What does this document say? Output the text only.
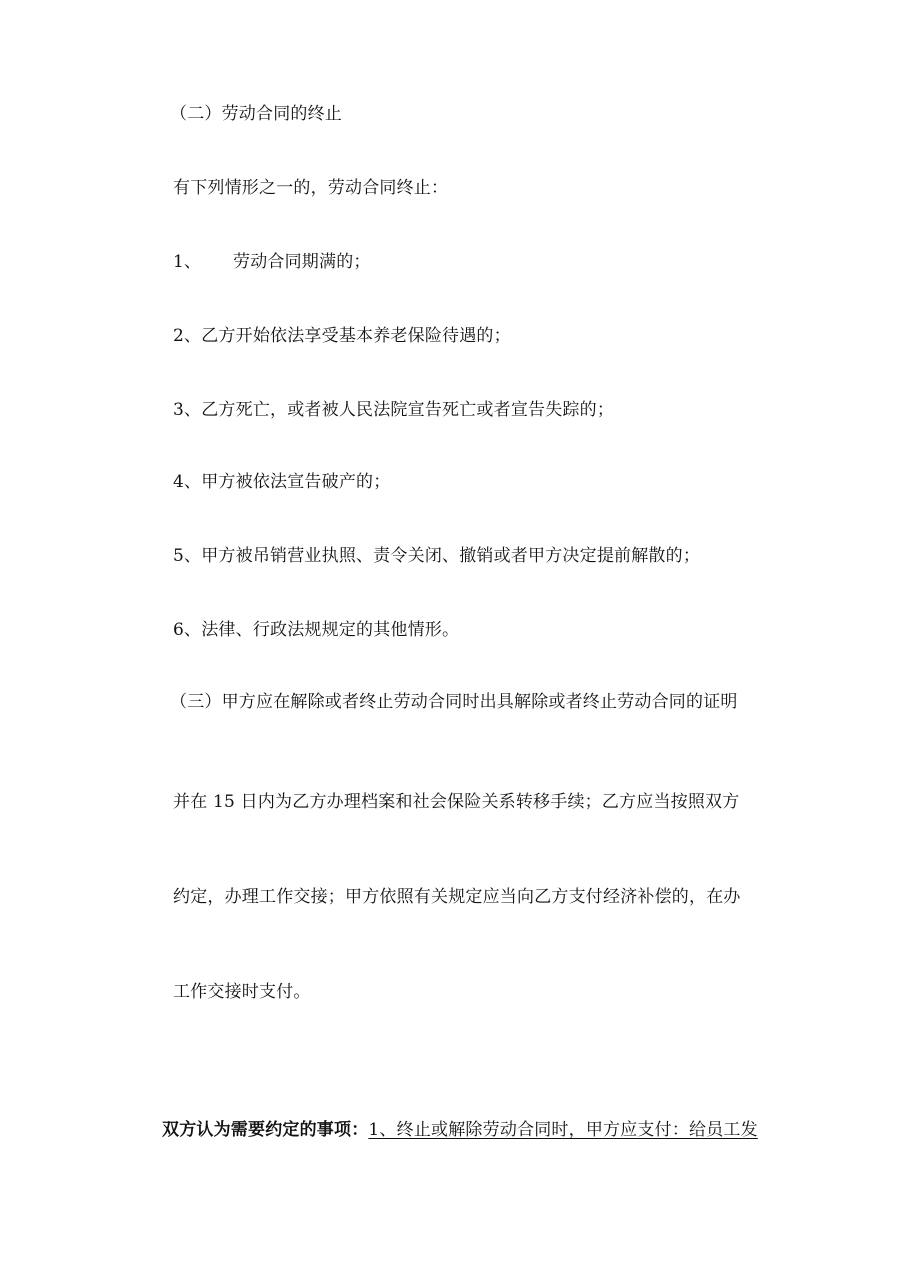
（二）劳动合同的终止
有下列情形之一的，劳动合同终止：
1、 劳动合同期满的；
2、乙方开始依法享受基本养老保险待遇的；
3、乙方死亡，或者被人民法院宣告死亡或者宣告失踪的；
4、甲方被依法宣告破产的；
5、甲方被吊销营业执照、责令关闭、撤销或者甲方决定提前解散的；
6、法律、行政法规规定的其他情形。
（三）甲方应在解除或者终止劳动合同时出具解除或者终止劳动合同的证明
并在 15 日内为乙方办理档案和社会保险关系转移手续；乙方应当按照双方
约定，办理工作交接；甲方依照有关规定应当向乙方支付经济补偿的，在办
工作交接时支付。
双方认为需要约定的事项：1、终止或解除劳动合同时，甲方应支付：给员工发
